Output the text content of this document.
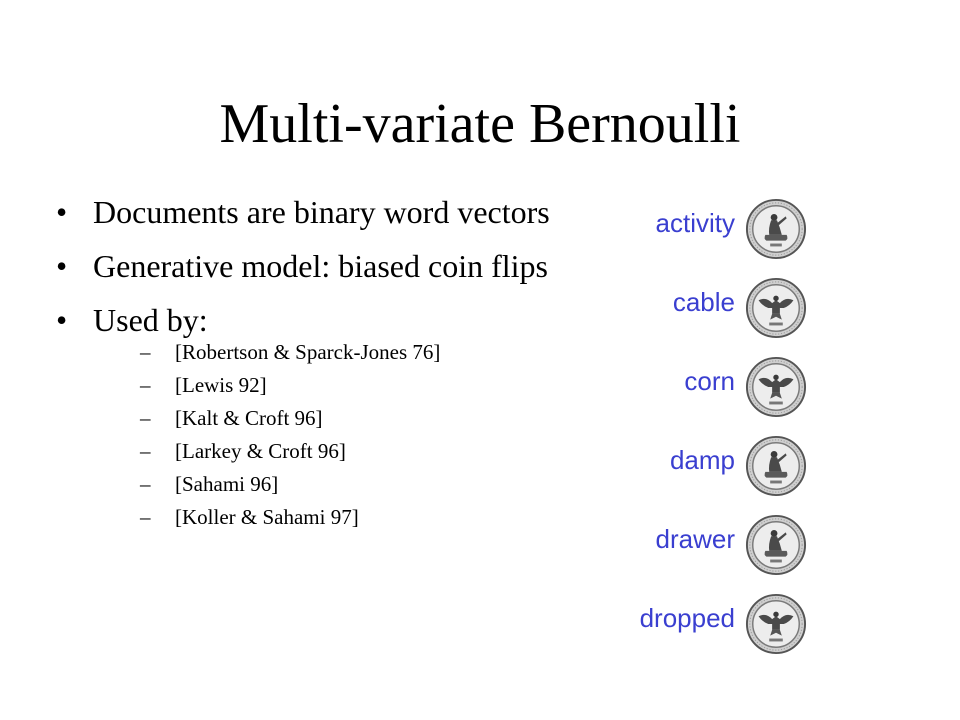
Multi-variate Bernoulli
• Documents are binary word vectors
• Generative model: biased coin flips
• Used by:
– [Robertson & Sparck-Jones 76]
– [Lewis 92]
– [Kalt & Croft 96]
– [Larkey & Croft 96]
– [Sahami 96]
– [Koller & Sahami 97]
activity
cable
corn
damp
drawer
dropped
